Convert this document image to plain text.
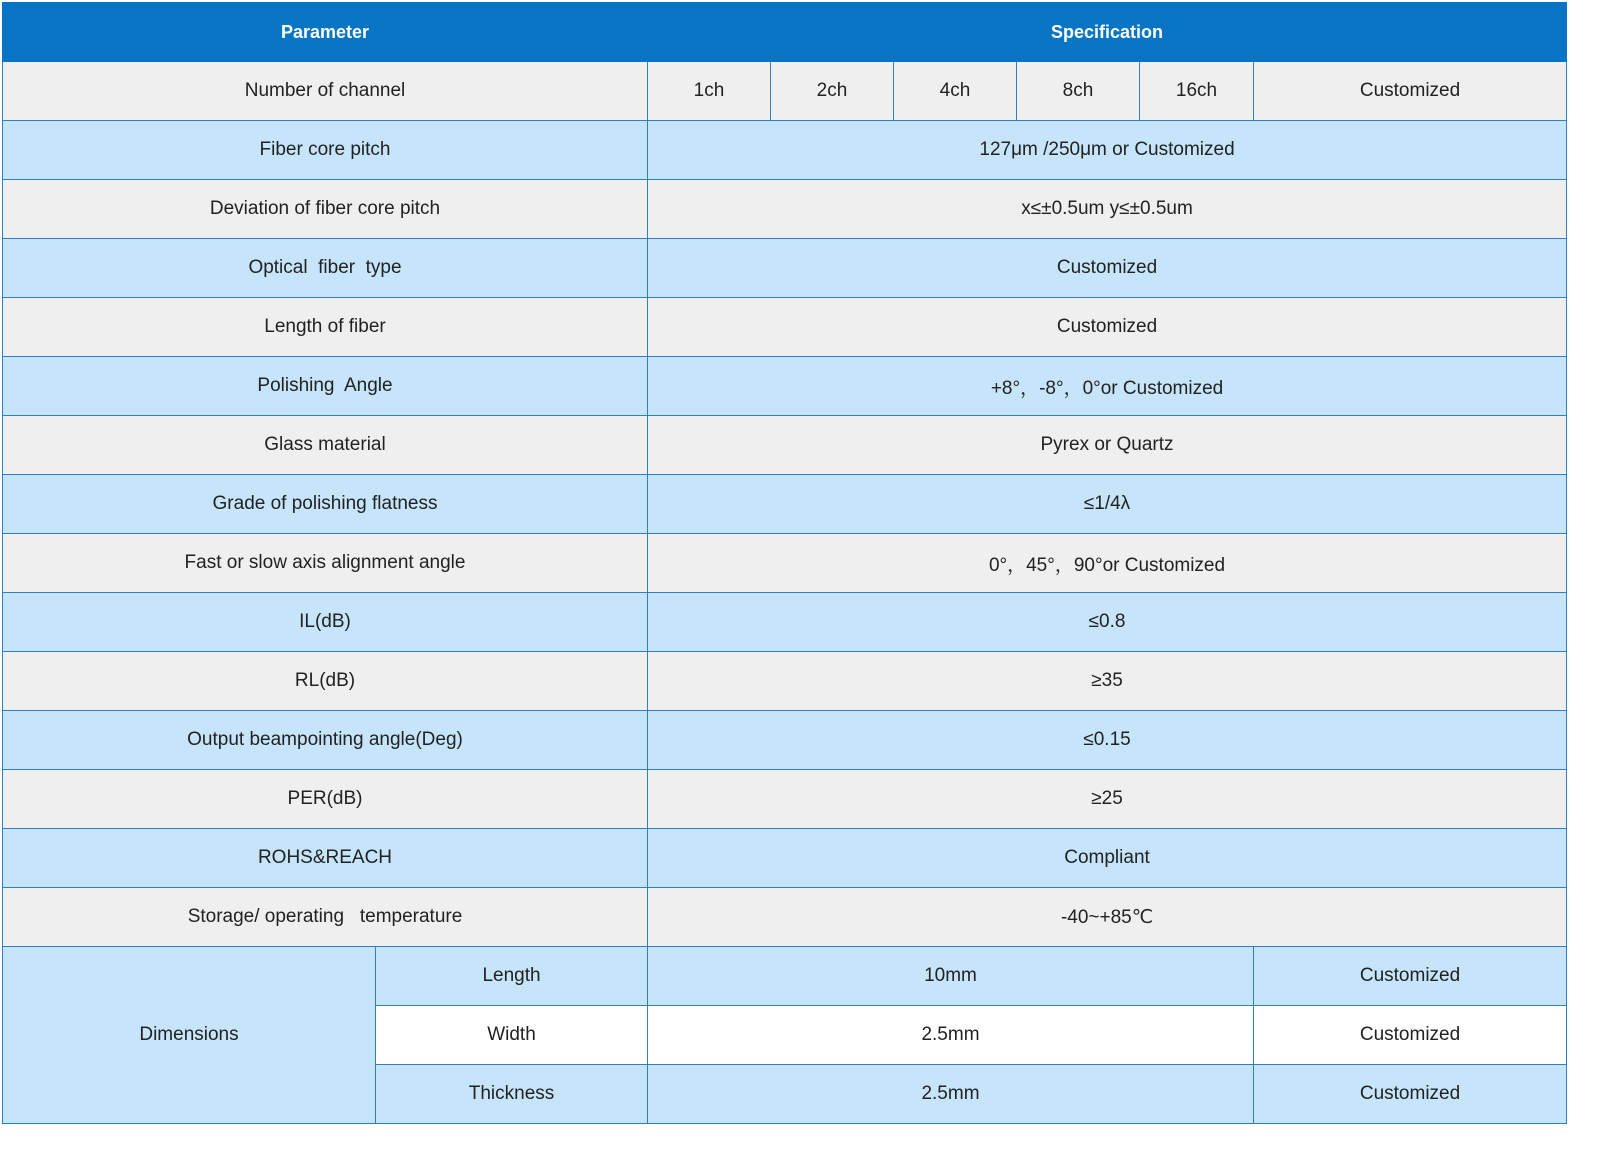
Parameter		Specification					
Number of channel		1ch	2ch	4ch	8ch	16ch	Customized
Fiber core pitch		127μm /250μm or Customized					
Deviation of fiber core pitch		x≤±0.5um y≤±0.5um					
Optical  fiber  type		Customized					
Length of fiber		Customized					
Polishing  Angle		+8°，-8°，0°or Customized					
Glass material		Pyrex or Quartz					
Grade of polishing flatness		≤1/4λ					
Fast or slow axis alignment angle		0°，45°，90°or Customized					
IL(dB)		≤0.8					
RL(dB)		≥35					
Output beampointing angle(Deg)		≤0.15					
PER(dB)		≥25					
ROHS&REACH		Compliant					
Storage/ operating   temperature		-40~+85℃					
Dimensions	Length	10mm					Customized
	Width	2.5mm					Customized
	Thickness	2.5mm					Customized
